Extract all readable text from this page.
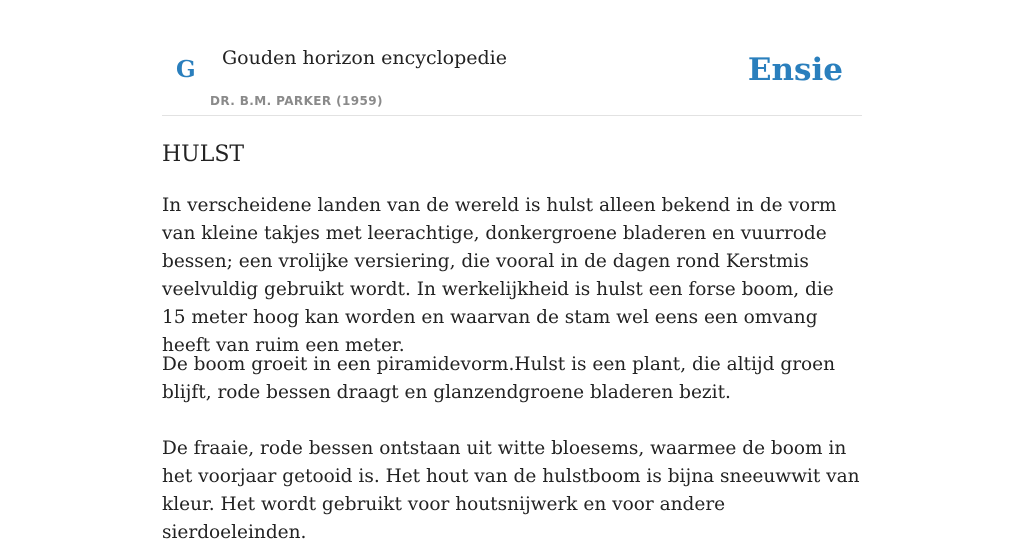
G Gouden horizon encyclopedie
DR. B.M. PARKER (1959)
Ensie
HULST

In verscheidene landen van de wereld is hulst alleen bekend in de vorm van kleine takjes met leerachtige, donkergroene bladeren en vuurrode bessen; een vrolijke versiering, die vooral in de dagen rond Kerstmis veelvuldig gebruikt wordt. In werkelijkheid is hulst een forse boom, die 15 meter hoog kan worden en waarvan de stam wel eens een omvang heeft van ruim een meter.

De boom groeit in een piramidevorm.Hulst is een plant, die altijd groen blijft, rode bessen draagt en glanzendgroene bladeren bezit.

De fraaie, rode bessen ontstaan uit witte bloesems, waarmee de boom in het voorjaar getooid is. Het hout van de hulstboom is bijna sneeuwwit van kleur. Het wordt gebruikt voor houtsnijwerk en voor andere sierdoeleinden.
